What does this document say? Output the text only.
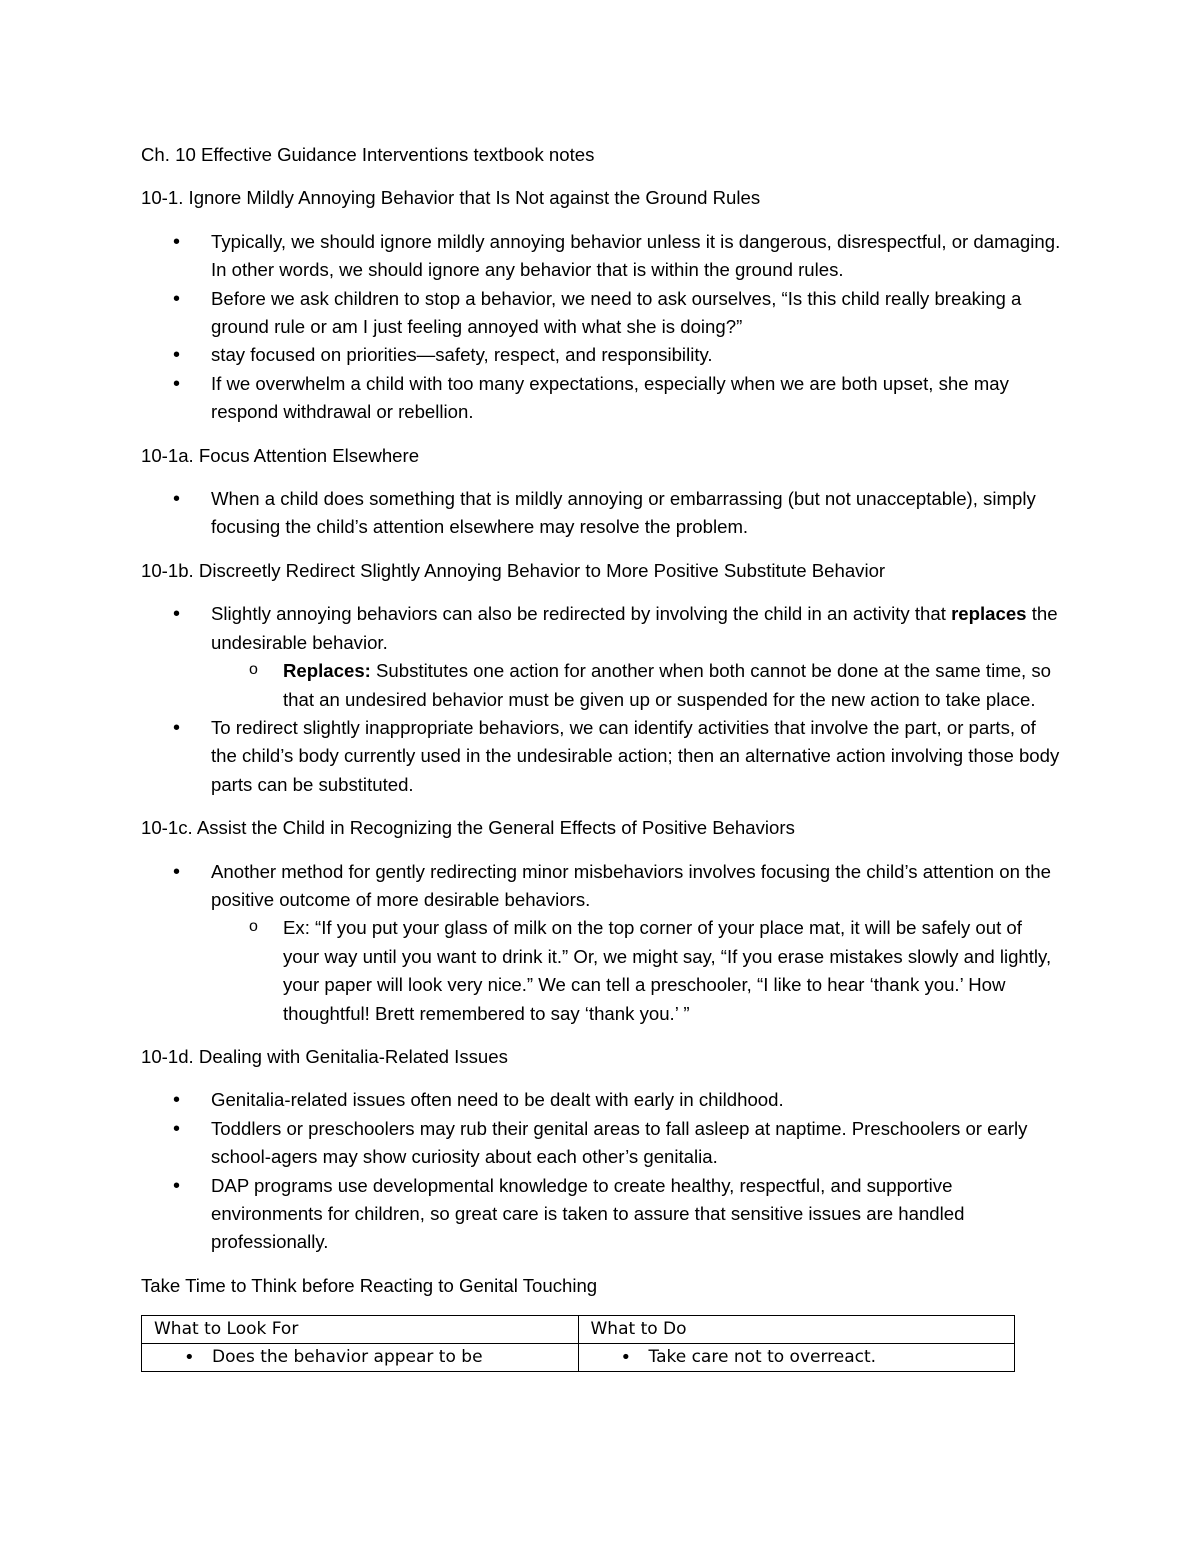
Ch. 10 Effective Guidance Interventions textbook notes

10-1. Ignore Mildly Annoying Behavior that Is Not against the Ground Rules

• Typically, we should ignore mildly annoying behavior unless it is dangerous, disrespectful, or damaging. In other words, we should ignore any behavior that is within the ground rules.
• Before we ask children to stop a behavior, we need to ask ourselves, “Is this child really breaking a ground rule or am I just feeling annoyed with what she is doing?”
• stay focused on priorities—safety, respect, and responsibility.
• If we overwhelm a child with too many expectations, especially when we are both upset, she may respond withdrawal or rebellion.

10-1a. Focus Attention Elsewhere

• When a child does something that is mildly annoying or embarrassing (but not unacceptable), simply focusing the child’s attention elsewhere may resolve the problem.

10-1b. Discreetly Redirect Slightly Annoying Behavior to More Positive Substitute Behavior

• Slightly annoying behaviors can also be redirected by involving the child in an activity that replaces the undesirable behavior.
o Replaces: Substitutes one action for another when both cannot be done at the same time, so that an undesired behavior must be given up or suspended for the new action to take place.
• To redirect slightly inappropriate behaviors, we can identify activities that involve the part, or parts, of the child’s body currently used in the undesirable action; then an alternative action involving those body parts can be substituted.

10-1c. Assist the Child in Recognizing the General Effects of Positive Behaviors

• Another method for gently redirecting minor misbehaviors involves focusing the child’s attention on the positive outcome of more desirable behaviors.
o Ex: “If you put your glass of milk on the top corner of your place mat, it will be safely out of your way until you want to drink it.” Or, we might say, “If you erase mistakes slowly and lightly, your paper will look very nice.” We can tell a preschooler, “I like to hear ‘thank you.’ How thoughtful! Brett remembered to say ‘thank you.’ ”

10-1d. Dealing with Genitalia-Related Issues

• Genitalia-related issues often need to be dealt with early in childhood.
• Toddlers or preschoolers may rub their genital areas to fall asleep at naptime. Preschoolers or early school-agers may show curiosity about each other’s genitalia.
• DAP programs use developmental knowledge to create healthy, respectful, and supportive environments for children, so great care is taken to assure that sensitive issues are handled professionally.

Take Time to Think before Reacting to Genital Touching

What to Look For	What to Do
• Does the behavior appear to be	• Take care not to overreact.
